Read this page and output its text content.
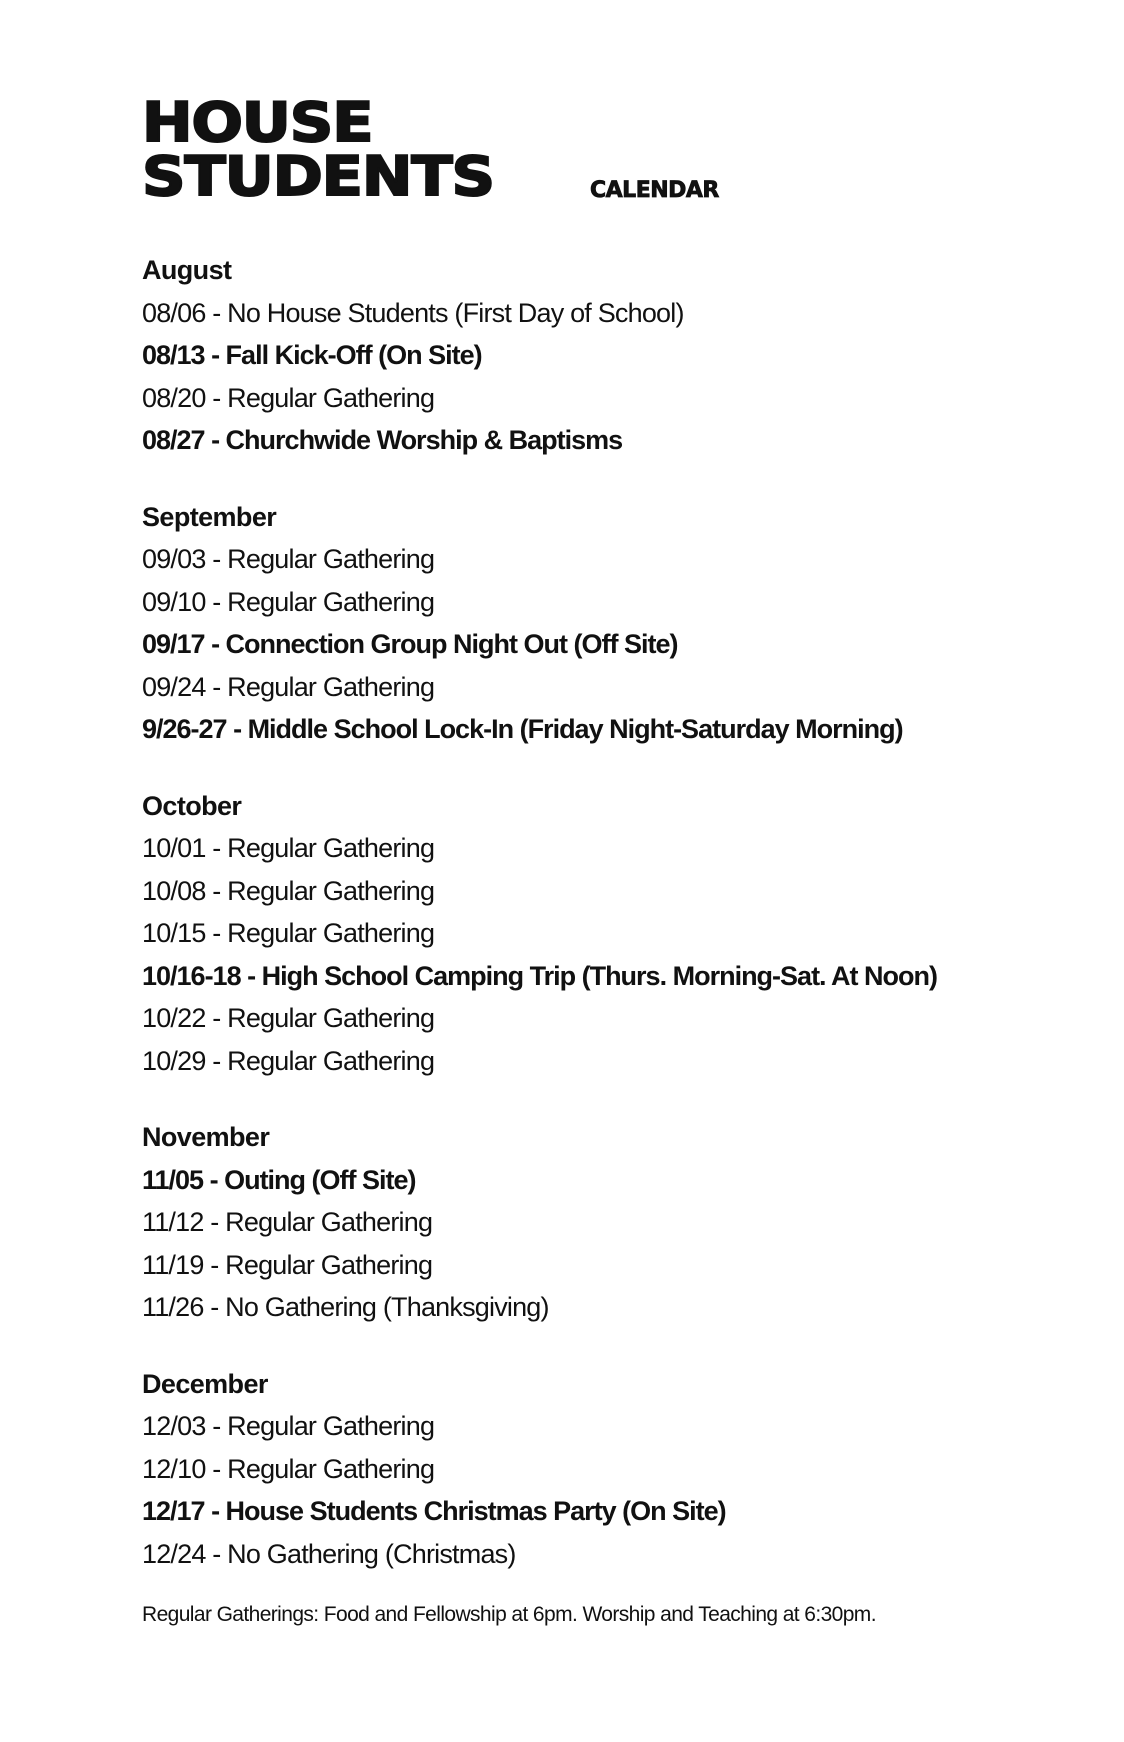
HOUSE
STUDENTS	CALENDAR
August
08/06 - No House Students (First Day of School)
08/13 - Fall Kick-Off (On Site)
08/20 - Regular Gathering
08/27 - Churchwide Worship & Baptisms
September
09/03 - Regular Gathering
09/10 - Regular Gathering
09/17 - Connection Group Night Out (Off Site)
09/24 - Regular Gathering
9/26-27 - Middle School Lock-In (Friday Night-Saturday Morning)
October
10/01 - Regular Gathering
10/08 - Regular Gathering
10/15 - Regular Gathering
10/16-18 - High School Camping Trip (Thurs. Morning-Sat. At Noon)
10/22 - Regular Gathering
10/29 - Regular Gathering
November
11/05 - Outing (Off Site)
11/12 - Regular Gathering
11/19 - Regular Gathering
11/26 - No Gathering (Thanksgiving)
December
12/03 - Regular Gathering
12/10 - Regular Gathering
12/17 - House Students Christmas Party (On Site)
12/24 - No Gathering (Christmas)
Regular Gatherings: Food and Fellowship at 6pm. Worship and Teaching at 6:30pm.
